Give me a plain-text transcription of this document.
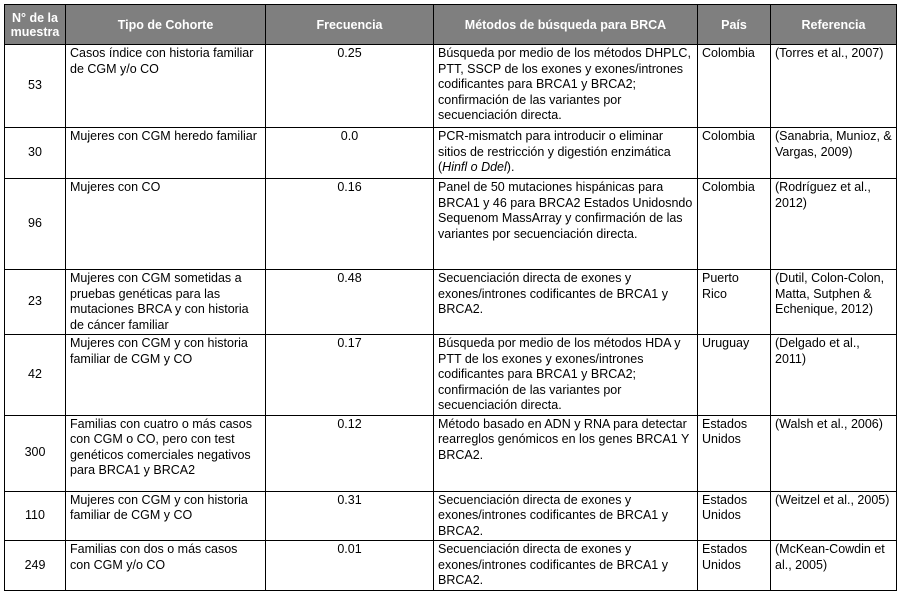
N° de la muestra	Tipo de Cohorte	Frecuencia	Métodos de búsqueda para BRCA	País	Referencia
53	Casos índice con historia familiar de CGM y/o CO	0.25	Búsqueda por medio de los métodos DHPLC, PTT, SSCP de los exones y exones/intrones codificantes para BRCA1 y BRCA2; confirmación de las variantes por secuenciación directa.	Colombia	(Torres et al., 2007)
30	Mujeres con CGM heredo familiar	0.0	PCR-mismatch para introducir o eliminar sitios de restricción y digestión enzimática (Hinfl o Ddel).	Colombia	(Sanabria, Munioz, & Vargas, 2009)
96	Mujeres con CO	0.16	Panel de 50 mutaciones hispánicas para BRCA1 y 46 para BRCA2 Estados Unidosndo Sequenom MassArray y confirmación de las variantes por secuenciación directa.	Colombia	(Rodríguez et al., 2012)
23	Mujeres con CGM sometidas a pruebas genéticas para las mutaciones BRCA y con historia de cáncer familiar	0.48	Secuenciación directa de exones y exones/intrones codificantes de BRCA1 y BRCA2.	Puerto Rico	(Dutil, Colon-Colon, Matta, Sutphen & Echenique, 2012)
42	Mujeres con CGM y con historia familiar de CGM y CO	0.17	Búsqueda por medio de los métodos HDA y PTT de los exones y exones/intrones codificantes para BRCA1 y BRCA2; confirmación de las variantes por secuenciación directa.	Uruguay	(Delgado et al., 2011)
300	Familias con cuatro o más casos con CGM o CO, pero con test genéticos comerciales negativos para BRCA1 y BRCA2	0.12	Método basado en ADN y RNA para detectar rearreglos genómicos en los genes BRCA1 Y BRCA2.	Estados Unidos	(Walsh et al., 2006)
110	Mujeres con CGM y con historia familiar de CGM y CO	0.31	Secuenciación directa de exones y exones/intrones codificantes de BRCA1 y BRCA2.	Estados Unidos	(Weitzel et al., 2005)
249	Familias con dos o más casos con CGM y/o CO	0.01	Secuenciación directa de exones y exones/intrones codificantes de BRCA1 y BRCA2.	Estados Unidos	(McKean-Cowdin et al., 2005)
